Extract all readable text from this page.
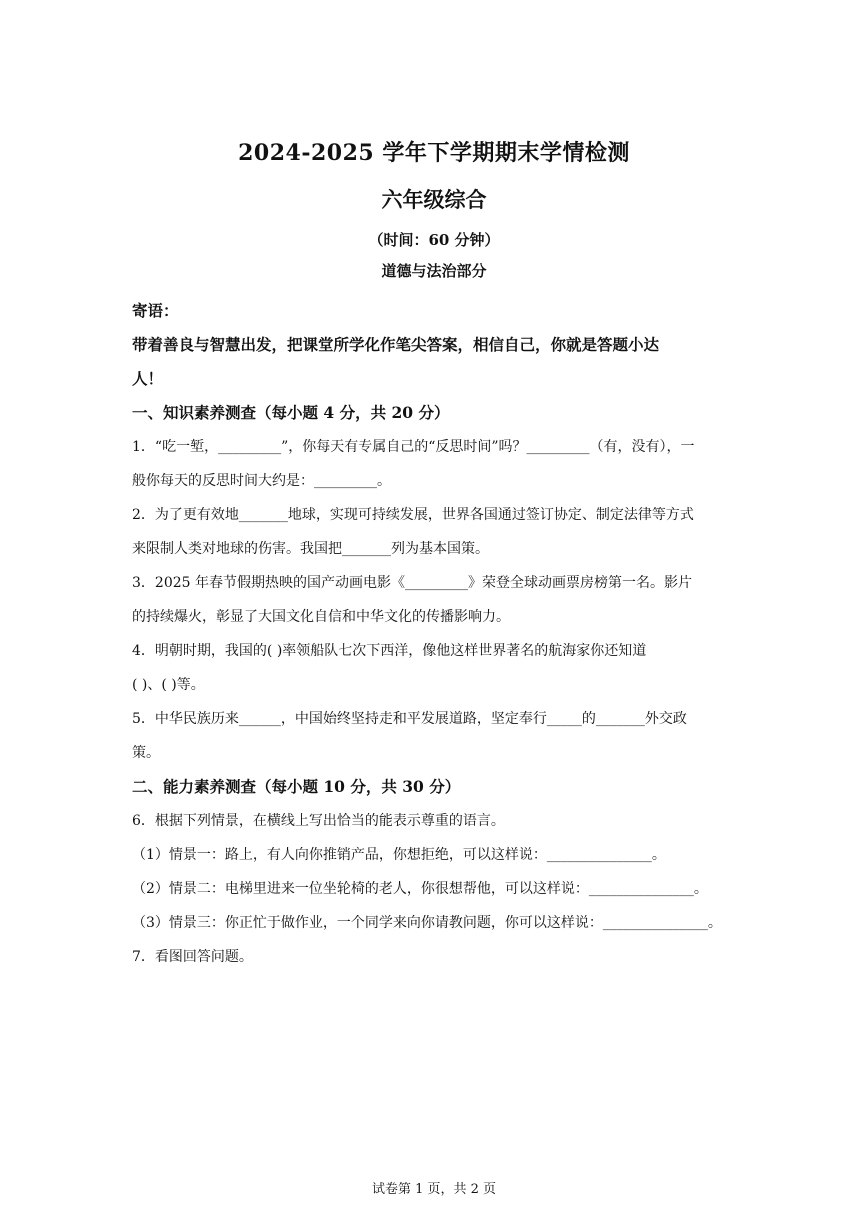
2024-2025 学年下学期期末学情检测
六年级综合
（时间：60 分钟）
道德与法治部分
寄语：
带着善良与智慧出发，把课堂所学化作笔尖答案，相信自己，你就是答题小达
人！
一、知识素养测查（每小题 4 分，共 20 分）
1．“吃一堑，_________”，你每天有专属自己的“反思时间”吗？_________（有，没有），一
般你每天的反思时间大约是：_________。
2．为了更有效地_______地球，实现可持续发展，世界各国通过签订协定、制定法律等方式
来限制人类对地球的伤害。我国把_______列为基本国策。
3．2025 年春节假期热映的国产动画电影《_________》荣登全球动画票房榜第一名。影片
的持续爆火，彰显了大国文化自信和中华文化的传播影响力。
4．明朝时期，我国的( )率领船队七次下西洋，像他这样世界著名的航海家你还知道
( )、( )等。
5．中华民族历来______，中国始终坚持走和平发展道路，坚定奉行_____的_______外交政
策。
二、能力素养测查（每小题 10 分，共 30 分）
6．根据下列情景，在横线上写出恰当的能表示尊重的语言。
（1）情景一：路上，有人向你推销产品，你想拒绝，可以这样说：_______________。
（2）情景二：电梯里进来一位坐轮椅的老人，你很想帮他，可以这样说：_______________。
（3）情景三：你正忙于做作业，一个同学来向你请教问题，你可以这样说：_______________。
7．看图回答问题。
试卷第 1 页，共 2 页
